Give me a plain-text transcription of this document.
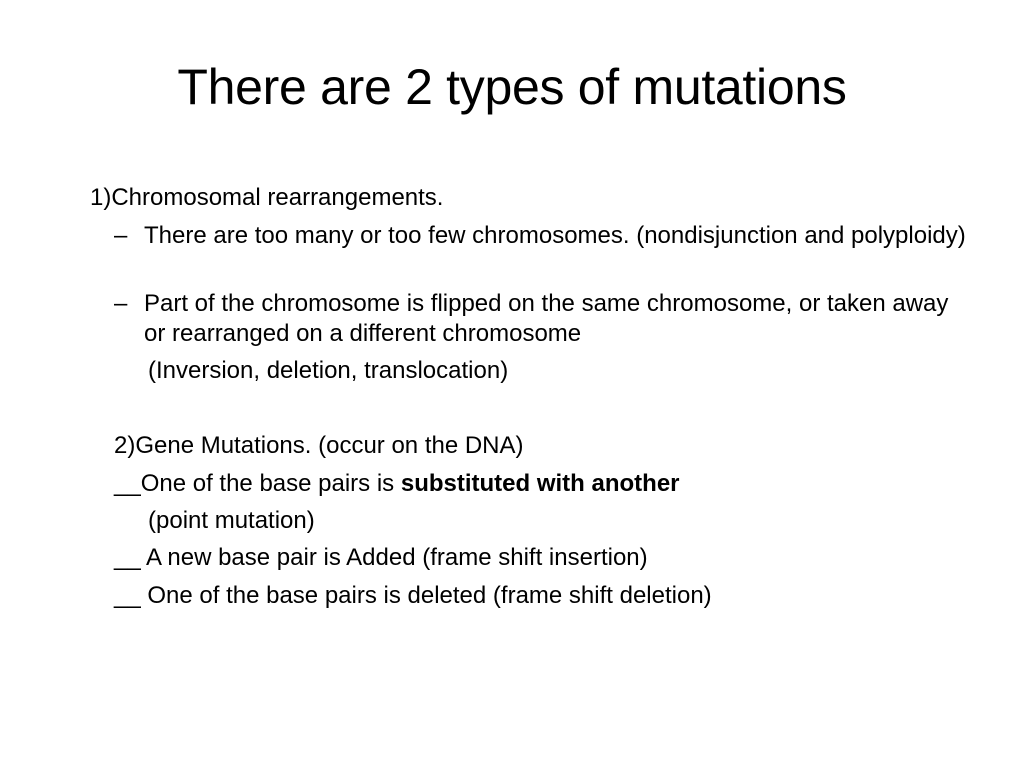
There are 2 types of mutations
1)Chromosomal rearrangements.
– There are too many or too few chromosomes. (nondisjunction and polyploidy)
– Part of the chromosome is flipped on the same chromosome, or taken away or rearranged on a different chromosome
(Inversion, deletion, translocation)
2)Gene Mutations. (occur on the DNA)
__One of the base pairs is substituted with another
(point mutation)
__ A new base pair is Added (frame shift insertion)
__ One of the base pairs is deleted (frame shift deletion)
